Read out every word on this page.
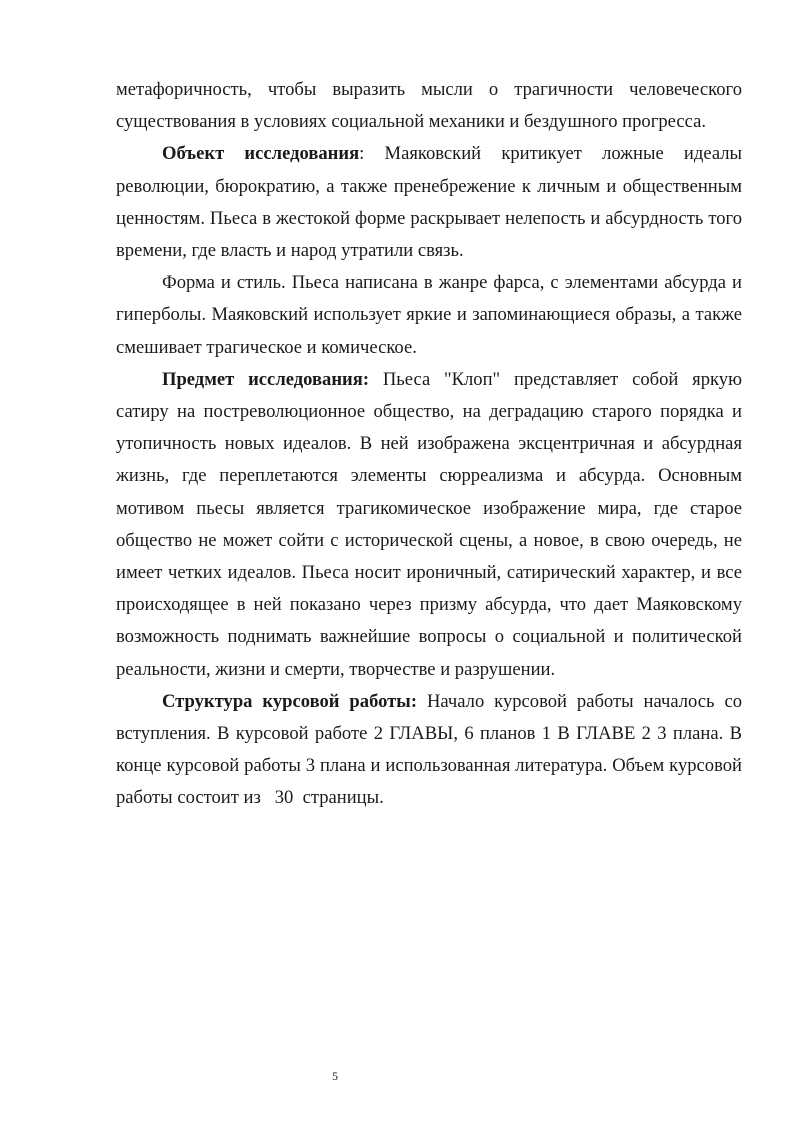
метафоричность, чтобы выразить мысли о трагичности человеческого существования в условиях социальной механики и бездушного прогресса.

Объект исследования: Маяковский критикует ложные идеалы революции, бюрократию, а также пренебрежение к личным и общественным ценностям. Пьеса в жестокой форме раскрывает нелепость и абсурдность того времени, где власть и народ утратили связь.

Форма и стиль. Пьеса написана в жанре фарса, с элементами абсурда и гиперболы. Маяковский использует яркие и запоминающиеся образы, а также смешивает трагическое и комическое.

Предмет исследования: Пьеса "Клоп" представляет собой яркую сатиру на постреволюционное общество, на деградацию старого порядка и утопичность новых идеалов. В ней изображена эксцентричная и абсурдная жизнь, где переплетаются элементы сюрреализма и абсурда. Основным мотивом пьесы является трагикомическое изображение мира, где старое общество не может сойти с исторической сцены, а новое, в свою очередь, не имеет четких идеалов. Пьеса носит ироничный, сатирический характер, и все происходящее в ней показано через призму абсурда, что дает Маяковскому возможность поднимать важнейшие вопросы о социальной и политической реальности, жизни и смерти, творчестве и разрушении.

Структура курсовой работы: Начало курсовой работы началось со вступления. В курсовой работе 2 ГЛАВЫ, 6 планов 1 В ГЛАВЕ 2 3 плана. В конце курсовой работы 3 плана и использованная литература. Объем курсовой работы состоит из   30  страницы.

5
